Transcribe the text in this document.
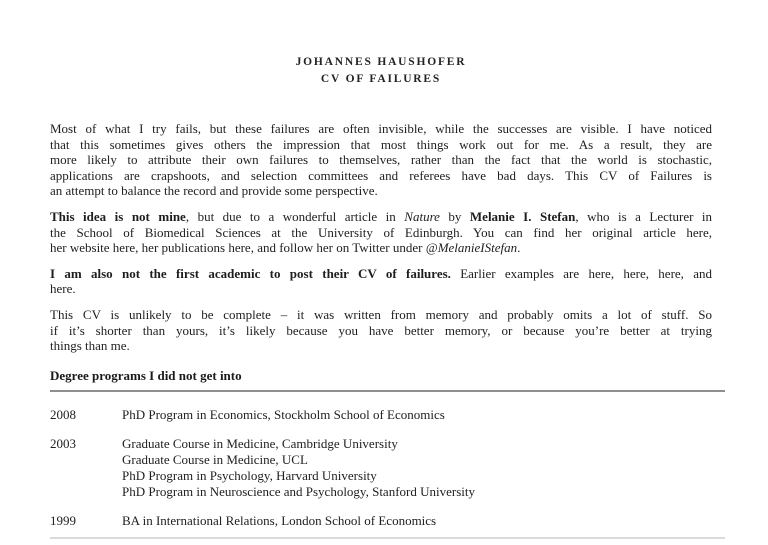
JOHANNES HAUSHOFER
CV OF FAILURES
Most of what I try fails, but these failures are often invisible, while the successes are visible. I have noticed
that this sometimes gives others the impression that most things work out for me. As a result, they are
more likely to attribute their own failures to themselves, rather than the fact that the world is stochastic,
applications are crapshoots, and selection committees and referees have bad days. This CV of Failures is
an attempt to balance the record and provide some perspective.
This idea is not mine, but due to a wonderful article in Nature by Melanie I. Stefan, who is a Lecturer in
the School of Biomedical Sciences at the University of Edinburgh. You can find her original article here,
her website here, her publications here, and follow her on Twitter under @MelanieIStefan.
I am also not the first academic to post their CV of failures. Earlier examples are here, here, here, and
here.
This CV is unlikely to be complete – it was written from memory and probably omits a lot of stuff. So
if it’s shorter than yours, it’s likely because you have better memory, or because you’re better at trying
things than me.
Degree programs I did not get into
2008	PhD Program in Economics, Stockholm School of Economics
2003	Graduate Course in Medicine, Cambridge University
Graduate Course in Medicine, UCL
PhD Program in Psychology, Harvard University
PhD Program in Neuroscience and Psychology, Stanford University
1999	BA in International Relations, London School of Economics
